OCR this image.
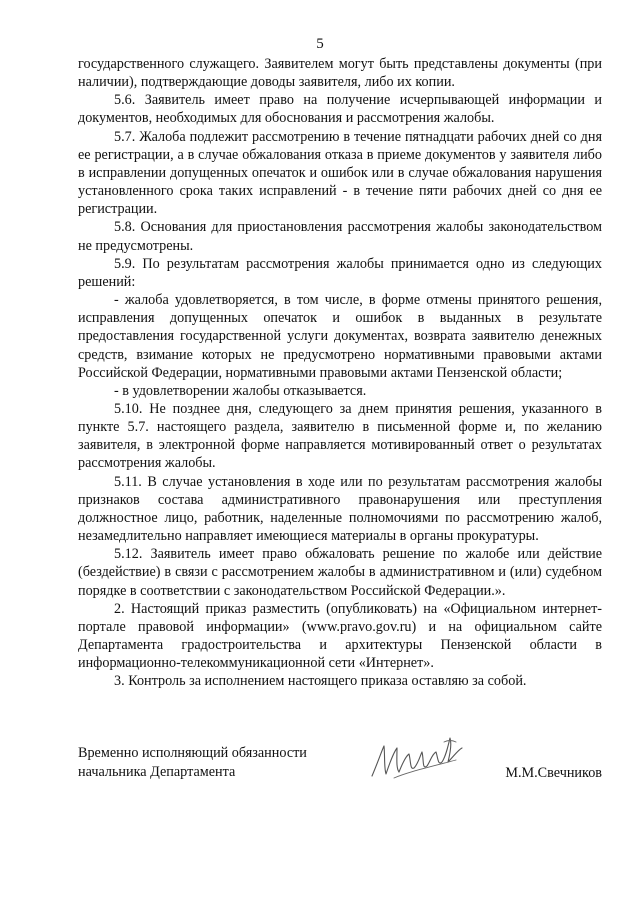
5

государственного служащего. Заявителем могут быть представлены документы (при наличии), подтверждающие доводы заявителя, либо их копии.

5.6. Заявитель имеет право на получение исчерпывающей информации и документов, необходимых для обоснования и рассмотрения жалобы.

5.7. Жалоба подлежит рассмотрению в течение пятнадцати рабочих дней со дня ее регистрации, а в случае обжалования отказа в приеме документов у заявителя либо в исправлении допущенных опечаток и ошибок или в случае обжалования нарушения установленного срока таких исправлений - в течение пяти рабочих дней со дня ее регистрации.

5.8. Основания для приостановления рассмотрения жалобы законодательством не предусмотрены.

5.9. По результатам рассмотрения жалобы принимается одно из следующих решений:

- жалоба удовлетворяется, в том числе, в форме отмены принятого решения, исправления допущенных опечаток и ошибок в выданных в результате предоставления государственной услуги документах, возврата заявителю денежных средств, взимание которых не предусмотрено нормативными правовыми актами Российской Федерации, нормативными правовыми актами Пензенской области;

- в удовлетворении жалобы отказывается.

5.10. Не позднее дня, следующего за днем принятия решения, указанного в пункте 5.7. настоящего раздела, заявителю в письменной форме и, по желанию заявителя, в электронной форме направляется мотивированный ответ о результатах рассмотрения жалобы.

5.11. В случае установления в ходе или по результатам рассмотрения жалобы признаков состава административного правонарушения или преступления должностное лицо, работник, наделенные полномочиями по рассмотрению жалоб, незамедлительно направляет имеющиеся материалы в органы прокуратуры.

5.12. Заявитель имеет право обжаловать решение по жалобе или действие (бездействие) в связи с рассмотрением жалобы в административном и (или) судебном порядке в соответствии с законодательством Российской Федерации.».

2. Настоящий приказ разместить (опубликовать) на «Официальном интернет-портале правовой информации» (www.pravo.gov.ru) и на официальном сайте Департамента градостроительства и архитектуры Пензенской области в информационно-телекоммуникационной сети «Интернет».

3. Контроль за исполнением настоящего приказа оставляю за собой.

Временно исполняющий обязанности
начальника Департамента	М.М.Свечников
